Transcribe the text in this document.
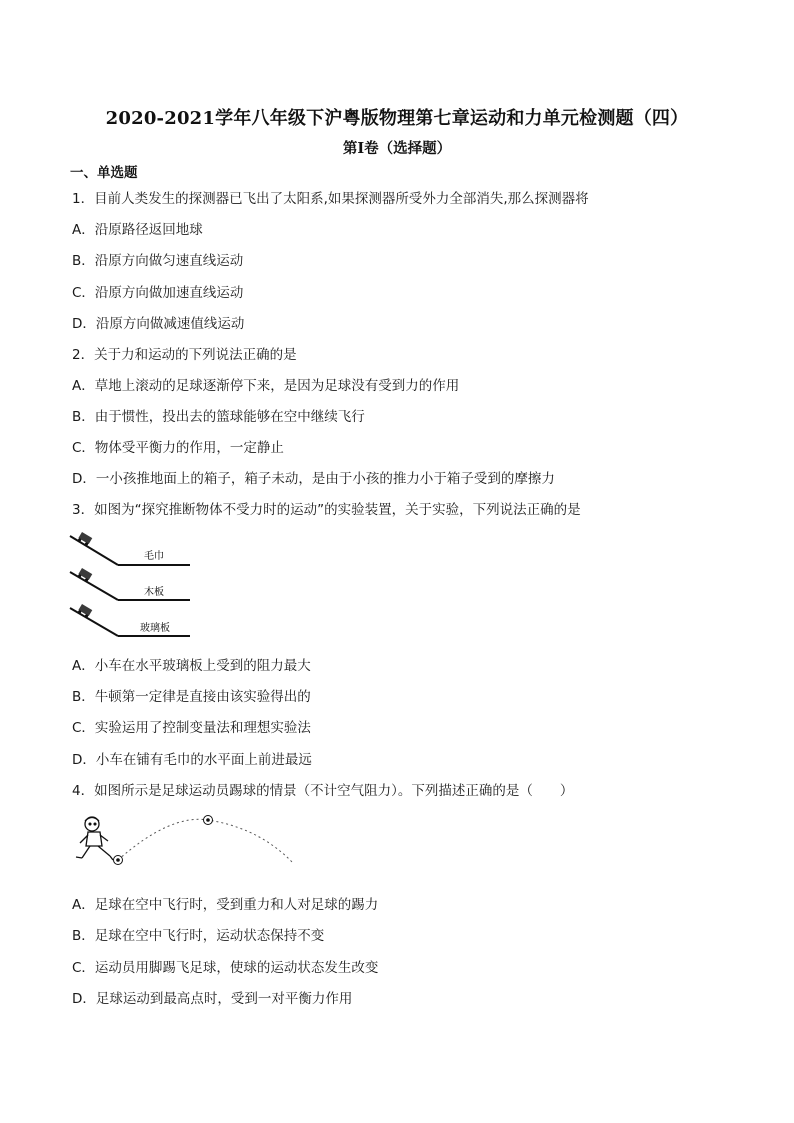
2020-2021学年八年级下沪粤版物理第七章运动和力单元检测题（四）
第I卷（选择题）
一、单选题
1．目前人类发生的探测器已飞出了太阳系,如果探测器所受外力全部消失,那么探测器将
A．沿原路径返回地球
B．沿原方向做匀速直线运动
C．沿原方向做加速直线运动
D．沿原方向做减速值线运动
2．关于力和运动的下列说法正确的是
A．草地上滚动的足球逐渐停下来，是因为足球没有受到力的作用
B．由于惯性，投出去的篮球能够在空中继续飞行
C．物体受平衡力的作用，一定静止
D．一小孩推地面上的箱子，箱子未动，是由于小孩的推力小于箱子受到的摩擦力
3．如图为“探究推断物体不受力时的运动”的实验装置，关于实验，下列说法正确的是
毛巾
木板
玻璃板
A．小车在水平玻璃板上受到的阻力最大
B．牛顿第一定律是直接由该实验得出的
C．实验运用了控制变量法和理想实验法
D．小车在铺有毛巾的水平面上前进最远
4．如图所示是足球运动员踢球的情景（不计空气阻力）。下列描述正确的是（　　）
A．足球在空中飞行时，受到重力和人对足球的踢力
B．足球在空中飞行时，运动状态保持不变
C．运动员用脚踢飞足球，使球的运动状态发生改变
D．足球运动到最高点时，受到一对平衡力作用
